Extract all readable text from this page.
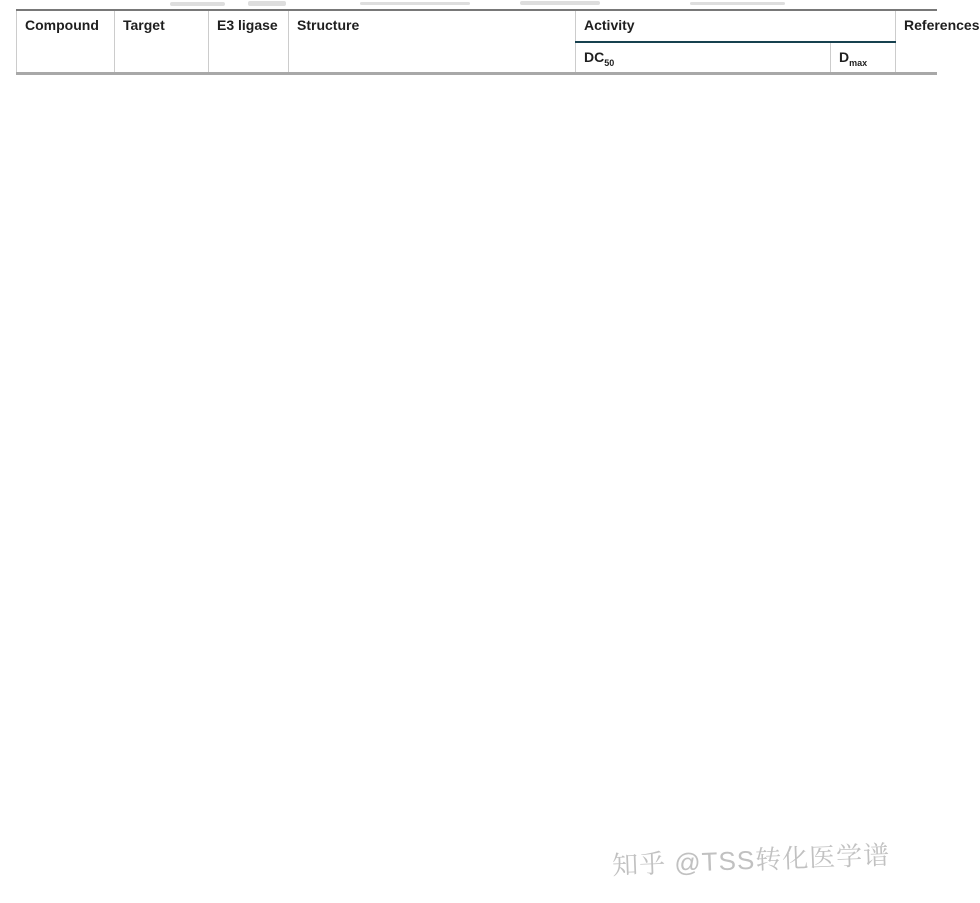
Compound	Target	E3 ligase	Structure	Activity		References
				$DC_{50}$	$D_{max}$
知乎 @TSS转化医学谱
